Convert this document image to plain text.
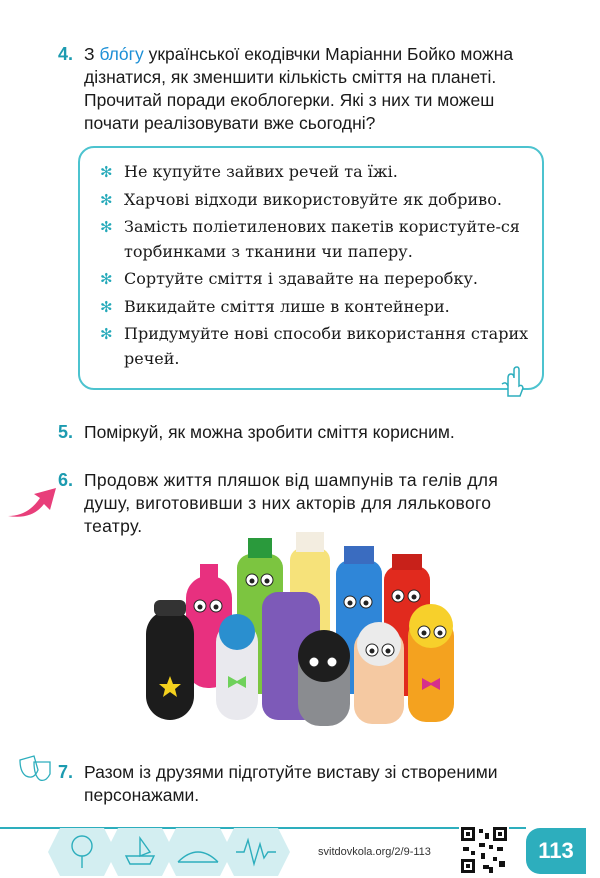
4. З блóгу української екодівчки Маріанни Бойко можна
дізнатися, як зменшити кількість сміття на планеті.
Прочитай поради екоблогерки. Які з них ти можеш
почати реалізовувати вже сьогодні?
✻ Не купуйте зайвих речей та їжі.
✻ Харчові відходи використовуйте як добриво.
✻ Замість поліетиленових пакетів користуйте-ся торбинками з тканини чи паперу.
✻ Сортуйте сміття і здавайте на переробку.
✻ Викидайте сміття лише в контейнери.
✻ Придумуйте нові способи використання старих речей.
5. Поміркуй, як можна зробити сміття корисним.
6. Продовж життя пляшок від шампунів та гелів для
душу, виготовивши з них акторів для лялькового
театру.
7. Разом із друзями підготуйте виставу зі створеними
персонажами.
svitdovkola.org/2/9-113	113
